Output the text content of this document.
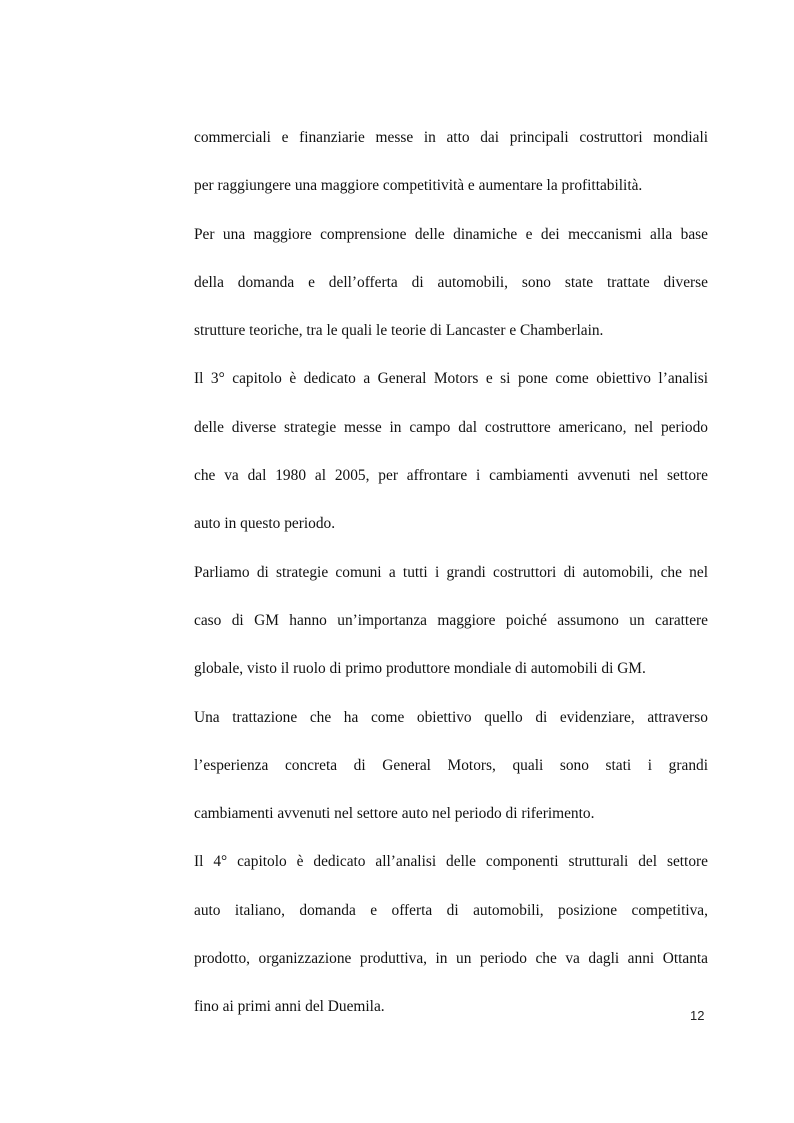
commerciali e finanziarie messe in atto dai principali costruttori mondiali
per raggiungere una maggiore competitività e aumentare la profittabilità.
Per una maggiore comprensione delle dinamiche e dei meccanismi alla base
della domanda e dell’offerta di automobili, sono state trattate diverse
strutture teoriche, tra le quali le teorie di Lancaster e Chamberlain.
Il 3° capitolo è dedicato a General Motors e si pone come obiettivo l’analisi
delle diverse strategie messe in campo dal costruttore americano, nel periodo
che va dal 1980 al 2005, per affrontare i cambiamenti avvenuti nel settore
auto in questo periodo.
Parliamo di strategie comuni a tutti i grandi costruttori di automobili, che nel
caso di GM hanno un’importanza maggiore poiché assumono un carattere
globale, visto il ruolo di primo produttore mondiale di automobili di GM.
Una trattazione che ha come obiettivo quello di evidenziare, attraverso
l’esperienza concreta di General Motors, quali sono stati i grandi
cambiamenti avvenuti nel settore auto nel periodo di riferimento.
Il 4° capitolo è dedicato all’analisi delle componenti strutturali del settore
auto italiano, domanda e offerta di automobili, posizione competitiva,
prodotto, organizzazione produttiva, in un periodo che va dagli anni Ottanta
fino ai primi anni del Duemila.
12
